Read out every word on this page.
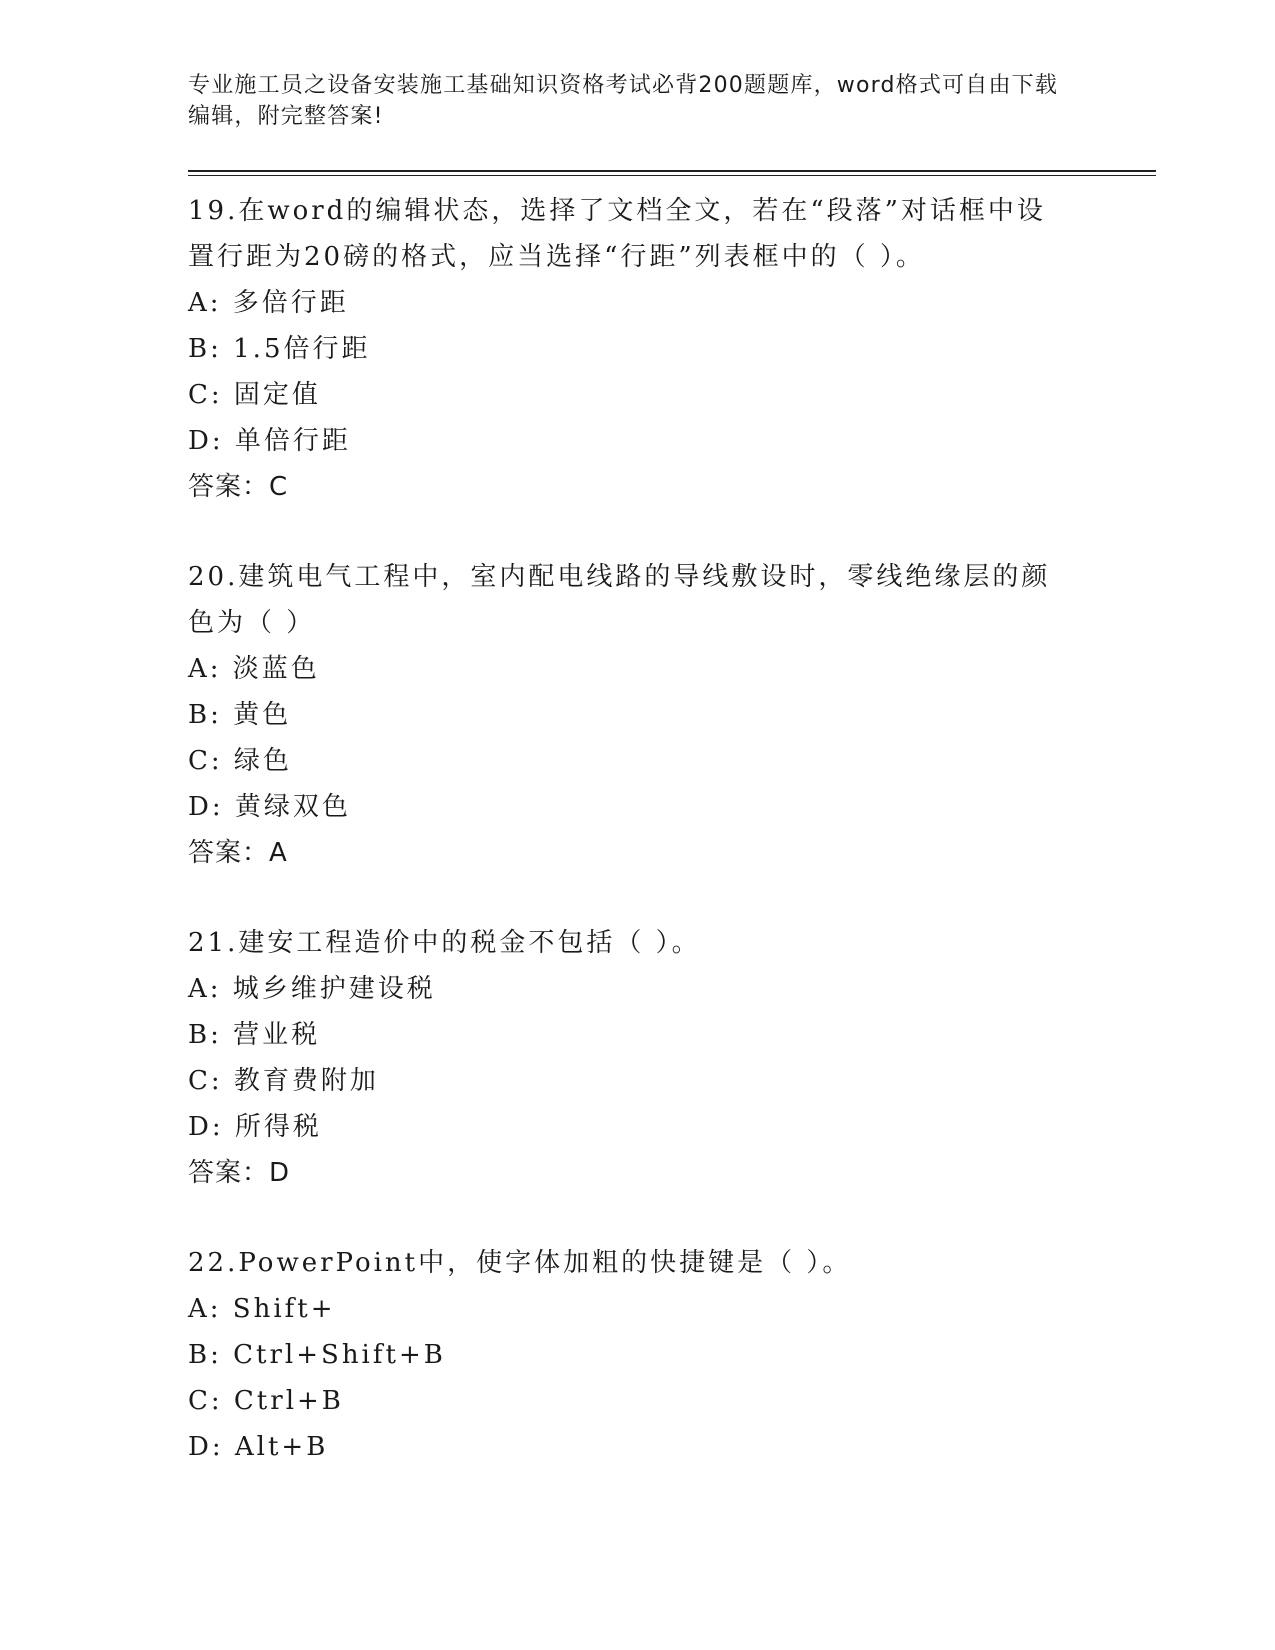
专业施工员之设备安装施工基础知识资格考试必背200题题库，word格式可自由下载编辑，附完整答案!

19.在word的编辑状态，选择了文档全文，若在“段落”对话框中设置行距为20磅的格式，应当选择“行距”列表框中的（ ）。

A: 多倍行距

B: 1.5倍行距

C: 固定值

D: 单倍行距

答案：C

20.建筑电气工程中，室内配电线路的导线敷设时，零线绝缘层的颜色为（ ）

A: 淡蓝色

B: 黄色

C: 绿色

D: 黄绿双色

答案：A

21.建安工程造价中的税金不包括（ ）。

A: 城乡维护建设税

B: 营业税

C: 教育费附加

D: 所得税

答案：D

22.PowerPoint中，使字体加粗的快捷键是（ ）。

A: Shift+

B: Ctrl+Shift+B

C: Ctrl+B

D: Alt+B
